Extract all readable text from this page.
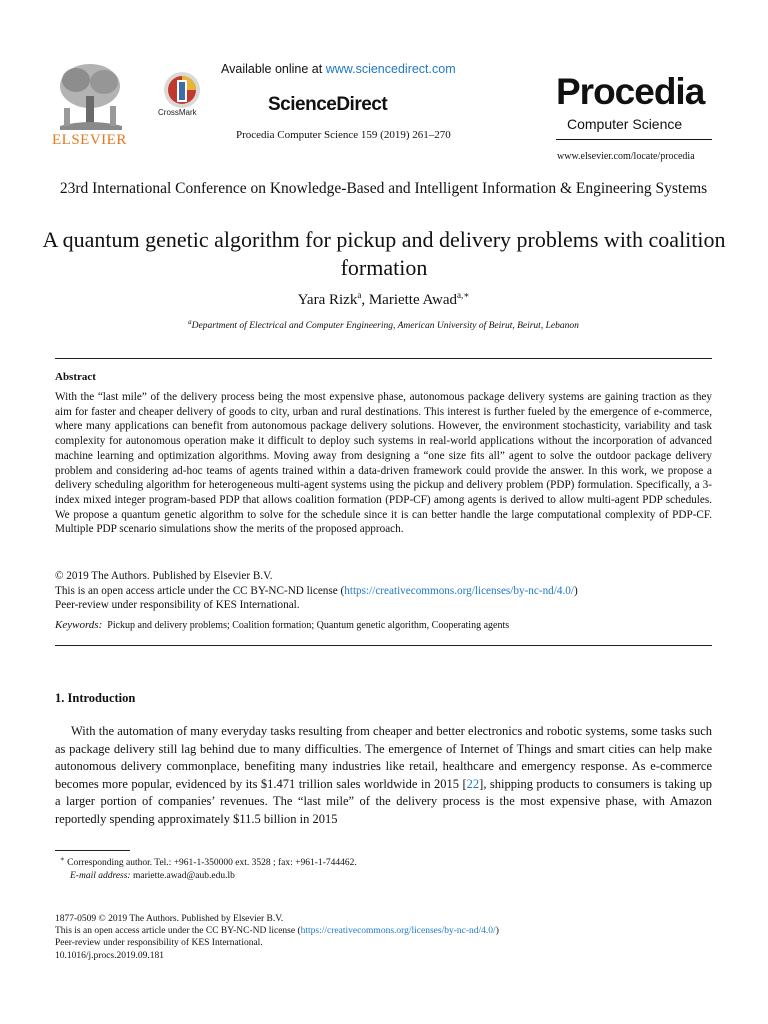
ELSEVIER
CrossMark
Available online at www.sciencedirect.com
ScienceDirect
Procedia Computer Science 159 (2019) 261–270
Procedia
Computer Science
www.elsevier.com/locate/procedia
23rd International Conference on Knowledge-Based and Intelligent Information & Engineering Systems
A quantum genetic algorithm for pickup and delivery problems with coalition formation
Yara Rizk$^a$, Mariette Awad$^{a,∗}$
$^a$Department of Electrical and Computer Engineering, American University of Beirut, Beirut, Lebanon
Abstract
With the “last mile” of the delivery process being the most expensive phase, autonomous package delivery systems are gaining traction as they aim for faster and cheaper delivery of goods to city, urban and rural destinations. This interest is further fueled by the emergence of e-commerce, where many applications can benefit from autonomous package delivery solutions. However, the environment stochasticity, variability and task complexity for autonomous operation make it difficult to deploy such systems in real-world applications without the incorporation of advanced machine learning and optimization algorithms. Moving away from designing a “one size fits all” agent to solve the outdoor package delivery problem and considering ad-hoc teams of agents trained within a data-driven framework could provide the answer. In this work, we propose a delivery scheduling algorithm for heterogeneous multi-agent systems using the pickup and delivery problem (PDP) formulation. Specifically, a 3-index mixed integer program-based PDP that allows coalition formation (PDP-CF) among agents is derived to allow multi-agent PDP schedules. We propose a quantum genetic algorithm to solve for the schedule since it is can better handle the large computational complexity of PDP-CF. Multiple PDP scenario simulations show the merits of the proposed approach.
© 2019 The Authors. Published by Elsevier B.V.
This is an open access article under the CC BY-NC-ND license (https://creativecommons.org/licenses/by-nc-nd/4.0/)
Peer-review under responsibility of KES International.
Keywords: Pickup and delivery problems; Coalition formation; Quantum genetic algorithm, Cooperating agents
1. Introduction
With the automation of many everyday tasks resulting from cheaper and better electronics and robotic systems, some tasks such as package delivery still lag behind due to many difficulties. The emergence of Internet of Things and smart cities can help make autonomous delivery commonplace, benefiting many industries like retail, healthcare and emergency response. As e-commerce becomes more popular, evidenced by its $1.471 trillion sales worldwide in 2015 [22], shipping products to consumers is taking up a larger portion of companies’ revenues. The “last mile” of the delivery process is the most expensive phase, with Amazon reportedly spending approximately $11.5 billion in 2015
∗ Corresponding author. Tel.: +961-1-350000 ext. 3528 ; fax: +961-1-744462.
E-mail address: mariette.awad@aub.edu.lb
1877-0509 © 2019 The Authors. Published by Elsevier B.V.
This is an open access article under the CC BY-NC-ND license (https://creativecommons.org/licenses/by-nc-nd/4.0/)
Peer-review under responsibility of KES International.
10.1016/j.procs.2019.09.181
